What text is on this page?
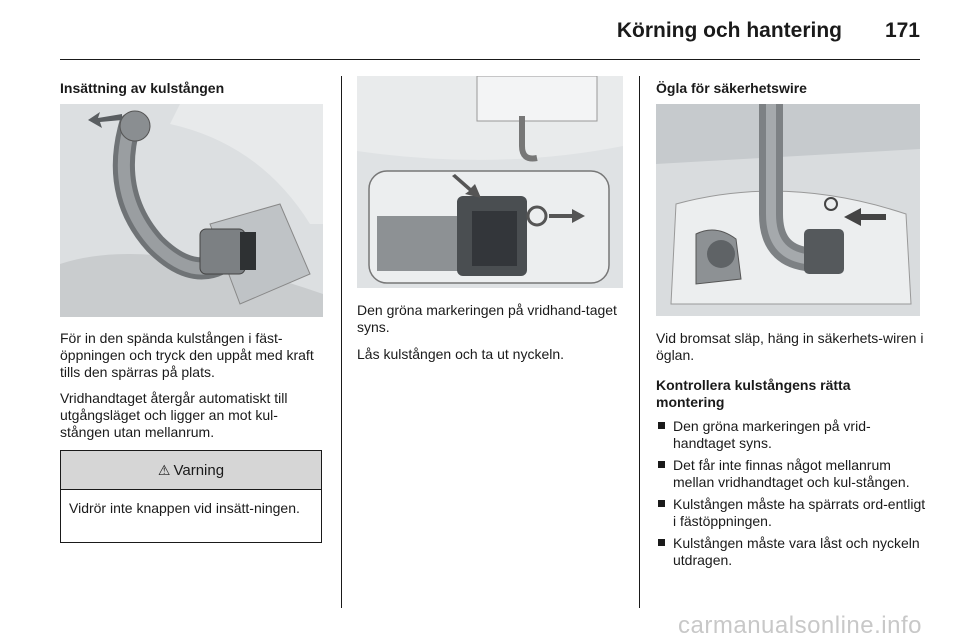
Körning och hantering 171
Insättning av kulstången
För in den spända kulstången i fäst-öppningen och tryck den uppåt med kraft tills den spärras på plats.
Vridhandtaget återgår automatiskt till utgångsläget och ligger an mot kul-stången utan mellanrum.
⚠ Varning
Vidrör inte knappen vid insätt-ningen.
Den gröna markeringen på vridhand-taget syns.
Lås kulstången och ta ut nyckeln.
Ögla för säkerhetswire
Vid bromsat släp, häng in säkerhets-wiren i öglan.
Kontrollera kulstångens rätta montering
Den gröna markeringen på vrid-handtaget syns.
Det får inte finnas något mellanrum mellan vridhandtaget och kul-stången.
Kulstången måste ha spärrats ord-entligt i fästöppningen.
Kulstången måste vara låst och nyckeln utdragen.
carmanualsonline.info
